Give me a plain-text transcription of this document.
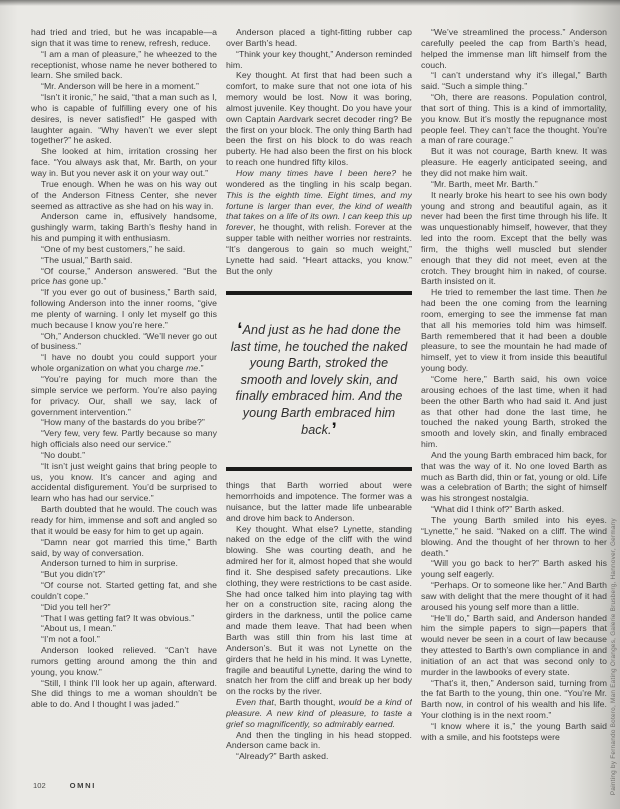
had tried and tried, but he was incapable—a sign that it was time to renew, refresh, reduce.

“I am a man of pleasure,” he wheezed to the receptionist, whose name he never bothered to learn. She smiled back.

“Mr. Anderson will be here in a moment.”

“Isn’t it ironic,” he said, “that a man such as I, who is capable of fulfilling every one of his desires, is never satisfied!” He gasped with laughter again. “Why haven’t we ever slept together?” he asked.

She looked at him, irritation crossing her face. “You always ask that, Mr. Barth, on your way in. But you never ask it on your way out.”

True enough. When he was on his way out of the Anderson Fitness Center, she never seemed as attractive as she had on his way in.

Anderson came in, effusively handsome, gushingly warm, taking Barth’s fleshy hand in his and pumping it with enthusiasm.

“One of my best customers,” he said.

“The usual,” Barth said.

“Of course,” Anderson answered. “But the price has gone up.”

“If you ever go out of business,” Barth said, following Anderson into the inner rooms, “give me plenty of warning. I only let myself go this much because I know you’re here.”

“Oh,” Anderson chuckled. “We’ll never go out of business.”

“I have no doubt you could support your whole organization on what you charge me.”

“You’re paying for much more than the simple service we perform. You’re also paying for privacy. Our, shall we say, lack of government intervention.”

“How many of the bastards do you bribe?”

“Very few, very few. Partly because so many high officials also need our service.”

“No doubt.”

“It isn’t just weight gains that bring people to us, you know. It’s cancer and aging and accidental disfigurement. You’d be surprised to learn who has had our service.”

Barth doubted that he would. The couch was ready for him, immense and soft and angled so that it would be easy for him to get up again.

“Damn near got married this time,” Barth said, by way of conversation.

Anderson turned to him in surprise.

“But you didn’t?”

“Of course not. Started getting fat, and she couldn’t cope.”

“Did you tell her?”

“That I was getting fat? It was obvious.”

“About us, I mean.”

“I’m not a fool.”

Anderson looked relieved. “Can’t have rumors getting around among the thin and young, you know.”

“Still, I think I’ll look her up again, afterward. She did things to me a woman shouldn’t be able to do. And I thought I was jaded.”

Anderson placed a tight-fitting rubber cap over Barth’s head.

“Think your key thought,” Anderson reminded him.

Key thought. At first that had been such a comfort, to make sure that not one iota of his memory would be lost. Now it was boring, almost juvenile. Key thought. Do you have your own Captain Aardvark secret decoder ring? Be the first on your block. The only thing Barth had been the first on his block to do was reach puberty. He had also been the first on his block to reach one hundred fifty kilos.

How many times have I been here? he wondered as the tingling in his scalp began. This is the eighth time. Eight times, and my fortune is larger than ever, the kind of wealth that takes on a life of its own. I can keep this up forever, he thought, with relish. Forever at the supper table with neither worries nor restraints. “It’s dangerous to gain so much weight,” Lynette had said. “Heart attacks, you know.” But the only

‘And just as he had done the last time, he touched the naked young Barth, stroked the smooth and lovely skin, and finally embraced him. And the young Barth embraced him back.’

things that Barth worried about were hemorrhoids and impotence. The former was a nuisance, but the latter made life unbearable and drove him back to Anderson.

Key thought. What else? Lynette, standing naked on the edge of the cliff with the wind blowing. She was courting death, and he admired her for it, almost hoped that she would find it. She despised safety precautions. Like clothing, they were restrictions to be cast aside. She had once talked him into playing tag with her on a construction site, racing along the girders in the darkness, until the police came and made them leave. That had been when Barth was still thin from his last time at Anderson’s. But it was not Lynette on the girders that he held in his mind. It was Lynette, fragile and beautiful Lynette, daring the wind to snatch her from the cliff and break up her body on the rocks by the river.

Even that, Barth thought, would be a kind of pleasure. A new kind of pleasure, to taste a grief so magnificently, so admirably earned.

And then the tingling in his head stopped. Anderson came back in.

“Already?” Barth asked.

“We’ve streamlined the process.” Anderson carefully peeled the cap from Barth’s head, helped the immense man lift himself from the couch.

“I can’t understand why it’s illegal,” Barth said. “Such a simple thing.”

“Oh, there are reasons. Population control, that sort of thing. This is a kind of immortality, you know. But it’s mostly the repugnance most people feel. They can’t face the thought. You’re a man of rare courage.”

But it was not courage, Barth knew. It was pleasure. He eagerly anticipated seeing, and they did not make him wait.

“Mr. Barth, meet Mr. Barth.”

It nearly broke his heart to see his own body young and strong and beautiful again, as it never had been the first time through his life. It was unquestionably himself, however, that they led into the room. Except that the belly was firm, the thighs well muscled but slender enough that they did not meet, even at the crotch. They brought him in naked, of course. Barth insisted on it.

He tried to remember the last time. Then he had been the one coming from the learning room, emerging to see the immense fat man that all his memories told him was himself. Barth remembered that it had been a double pleasure, to see the mountain he had made of himself, yet to view it from inside this beautiful young body.

“Come here,” Barth said, his own voice arousing echoes of the last time, when it had been the other Barth who had said it. And just as that other had done the last time, he touched the naked young Barth, stroked the smooth and lovely skin, and finally embraced him.

And the young Barth embraced him back, for that was the way of it. No one loved Barth as much as Barth did, thin or fat, young or old. Life was a celebration of Barth; the sight of himself was his strongest nostalgia.

“What did I think of?” Barth asked.

The young Barth smiled into his eyes. “Lynette,” he said. “Naked on a cliff. The wind blowing. And the thought of her thrown to her death.”

“Will you go back to her?” Barth asked his young self eagerly.

“Perhaps. Or to someone like her.” And Barth saw with delight that the mere thought of it had aroused his young self more than a little.

“He’ll do,” Barth said, and Anderson handed him the simple papers to sign—papers that would never be seen in a court of law because they attested to Barth’s own compliance in and initiation of an act that was second only to murder in the lawbooks of every state.

“That’s it, then,” Anderson said, turning from the fat Barth to the young, thin one. “You’re Mr. Barth now, in control of his wealth and his life. Your clothing is in the next room.”

“I know where it is,” the young Barth said with a smile, and his footsteps were

102	OMNI	Painting by Fernando Botero, Man Eating Oranges, Galerie Brusberg, Hannover, Germany
